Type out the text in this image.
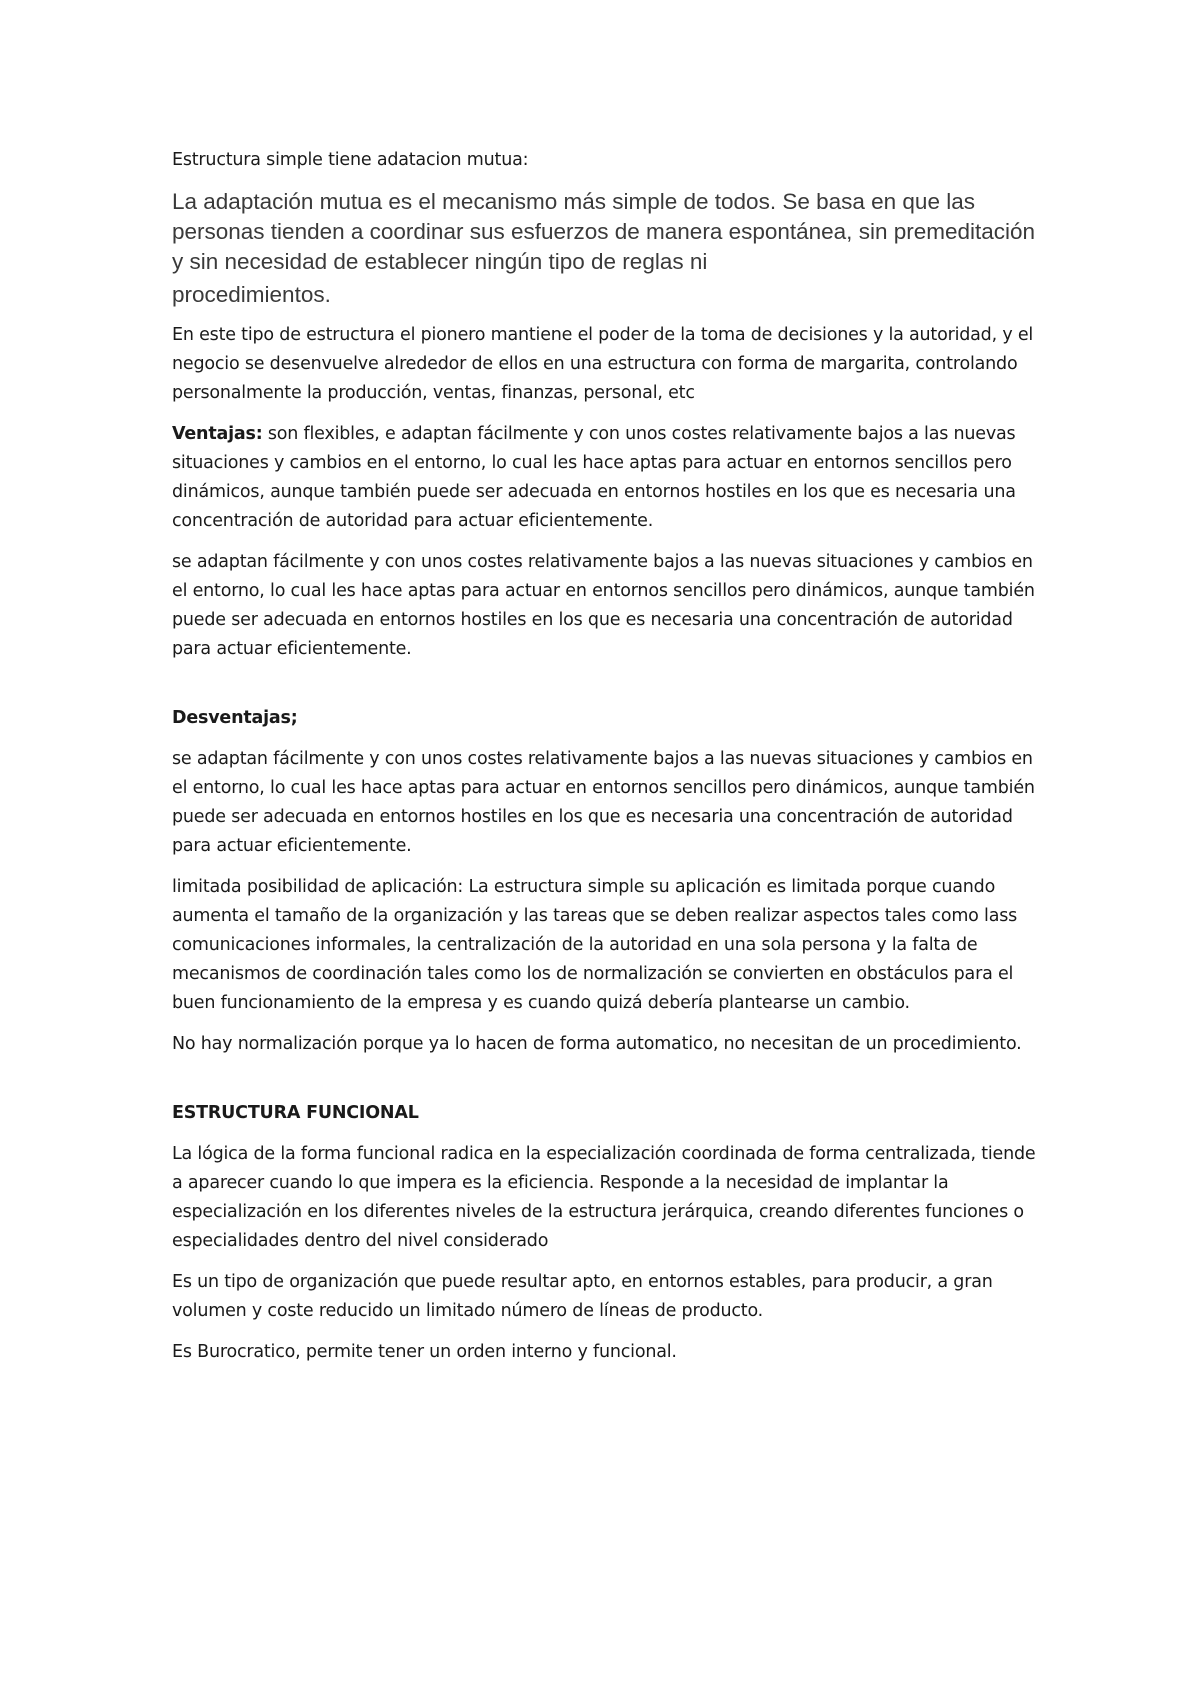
Estructura simple tiene adatacion mutua:

La adaptación mutua es el mecanismo más simple de todos. Se basa en que las personas tienden a coordinar sus esfuerzos de manera espontánea, sin premeditación y sin necesidad de establecer ningún tipo de reglas ni
procedimientos.

En este tipo de estructura el pionero mantiene el poder de la toma de decisiones y la autoridad, y el negocio se desenvuelve alrededor de ellos en una estructura con forma de margarita, controlando personalmente la producción, ventas, finanzas, personal, etc

Ventajas: son flexibles, e adaptan fácilmente y con unos costes relativamente bajos a las nuevas situaciones y cambios en el entorno, lo cual les hace aptas para actuar en entornos sencillos pero dinámicos, aunque también puede ser adecuada en entornos hostiles en los que es necesaria una concentración de autoridad para actuar eficientemente.

se adaptan fácilmente y con unos costes relativamente bajos a las nuevas situaciones y cambios en el entorno, lo cual les hace aptas para actuar en entornos sencillos pero dinámicos, aunque también puede ser adecuada en entornos hostiles en los que es necesaria una concentración de autoridad para actuar eficientemente.

Desventajas;

se adaptan fácilmente y con unos costes relativamente bajos a las nuevas situaciones y cambios en el entorno, lo cual les hace aptas para actuar en entornos sencillos pero dinámicos, aunque también puede ser adecuada en entornos hostiles en los que es necesaria una concentración de autoridad para actuar eficientemente.

limitada posibilidad de aplicación: La estructura simple su aplicación es limitada porque cuando aumenta el tamaño de la organización y las tareas que se deben realizar aspectos tales como lass comunicaciones informales, la centralización de la autoridad en una sola persona y la falta de mecanismos de coordinación tales como los de normalización se convierten en obstáculos para el buen funcionamiento de la empresa y es cuando quizá debería plantearse un cambio.

No hay normalización porque ya lo hacen de forma automatico, no necesitan de un procedimiento.

ESTRUCTURA FUNCIONAL

La lógica de la forma funcional radica en la especialización coordinada de forma centralizada, tiende a aparecer cuando lo que impera es la eficiencia. Responde a la necesidad de implantar la especialización en los diferentes niveles de la estructura jerárquica, creando diferentes funciones o especialidades dentro del nivel considerado

Es un tipo de organización que puede resultar apto, en entornos estables, para producir, a gran volumen y coste reducido un limitado número de líneas de producto.

Es Burocratico, permite tener un orden interno y funcional.
